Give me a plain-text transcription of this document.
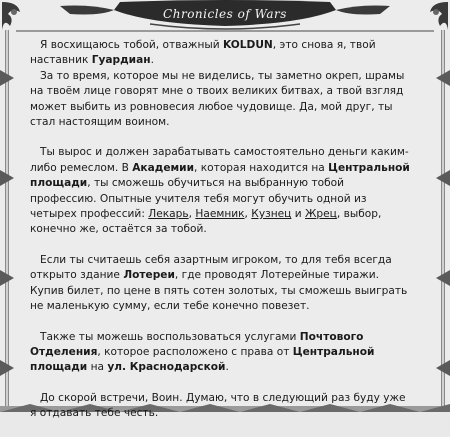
Chronicles of Wars

Я восхищаюсь тобой, отважный KOLDUN, это снова я, твой наставник Гуардиан.

За то время, которое мы не виделись, ты заметно окреп, шрамы на твоём лице говорят мне о твоих великих битвах, а твой взгляд может выбить из ровновесия любое чудовище. Да, мой друг, ты стал настоящим воином.

Ты вырос и должен зарабатывать самостоятельно деньги каким-либо ремеслом. В Академии, которая находится на Центральной площади, ты сможешь обучиться на выбранную тобой профессию. Опытные учителя тебя могут обучить одной из четырех профессий: Лекарь, Наемник, Кузнец и Жрец, выбор, конечно же, остаётся за тобой.

Если ты считаешь себя азартным игроком, то для тебя всегда открыто здание Лотереи, где проводят Лотерейные тиражи. Купив билет, по цене в пять сотен золотых, ты сможешь выиграть не маленькую сумму, если тебе конечно повезет.

Также ты можешь воспользоваться услугами Почтового Отделения, которое расположено с права от Центральной площади на ул. Краснодарской.

До скорой встречи, Воин. Думаю, что в следующий раз буду уже я отдавать тебе честь.
